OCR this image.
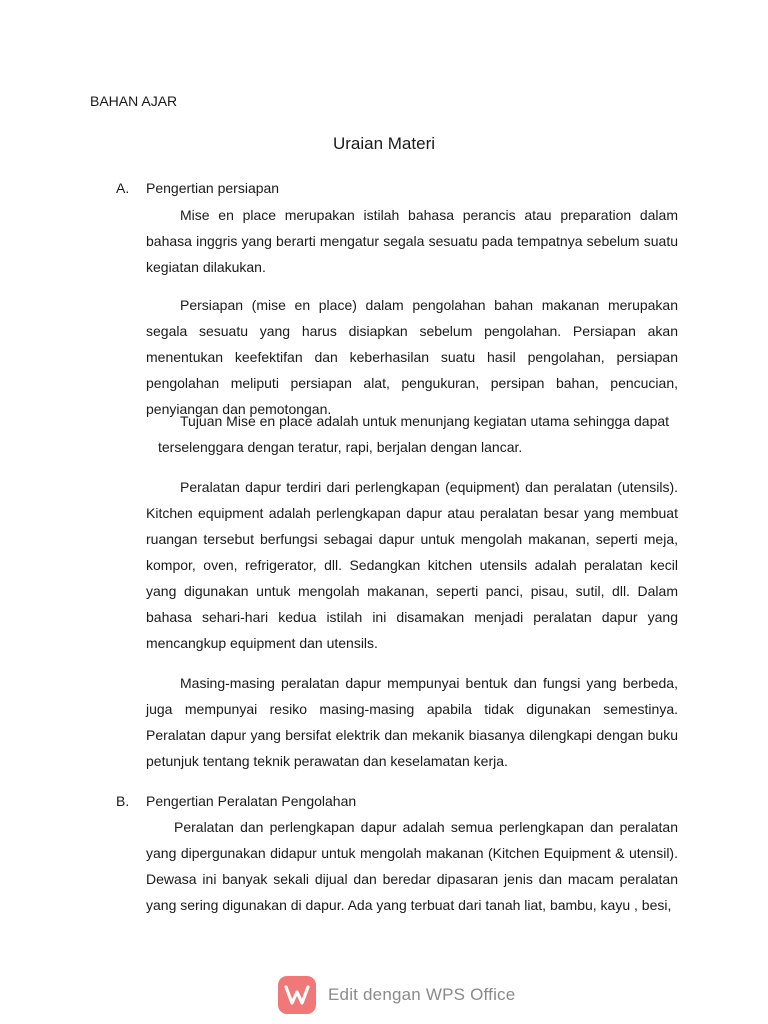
BAHAN AJAR
Uraian Materi
A. Pengertian persiapan

Mise en place merupakan istilah bahasa perancis atau preparation dalam bahasa inggris yang berarti mengatur segala sesuatu pada tempatnya sebelum suatu kegiatan dilakukan.

Persiapan (mise en place) dalam pengolahan bahan makanan merupakan segala sesuatu yang harus disiapkan sebelum pengolahan. Persiapan akan menentukan keefektifan dan keberhasilan suatu hasil pengolahan, persiapan pengolahan meliputi persiapan alat, pengukuran, persipan bahan, pencucian, penyiangan dan pemotongan.

Tujuan Mise en place adalah untuk menunjang kegiatan utama sehingga dapat

terselenggara dengan teratur, rapi, berjalan dengan lancar.

Peralatan dapur terdiri dari perlengkapan (equipment) dan peralatan (utensils). Kitchen equipment adalah perlengkapan dapur atau peralatan besar yang membuat ruangan tersebut berfungsi sebagai dapur untuk mengolah makanan, seperti meja, kompor, oven, refrigerator, dll. Sedangkan kitchen utensils adalah peralatan kecil yang digunakan untuk mengolah makanan, seperti panci, pisau, sutil, dll. Dalam bahasa sehari-hari kedua istilah ini disamakan menjadi peralatan dapur yang mencangkup equipment dan utensils.

Masing-masing peralatan dapur mempunyai bentuk dan fungsi yang berbeda, juga mempunyai resiko masing-masing apabila tidak digunakan semestinya. Peralatan dapur yang bersifat elektrik dan mekanik biasanya dilengkapi dengan buku petunjuk tentang teknik perawatan dan keselamatan kerja.

B. Pengertian Peralatan Pengolahan

Peralatan dan perlengkapan dapur adalah semua perlengkapan dan peralatan yang dipergunakan didapur untuk mengolah makanan (Kitchen Equipment & utensil). Dewasa ini banyak sekali dijual dan beredar dipasaran jenis dan macam peralatan yang sering digunakan di dapur. Ada yang terbuat dari tanah liat, bambu, kayu , besi,

Edit dengan WPS Office
